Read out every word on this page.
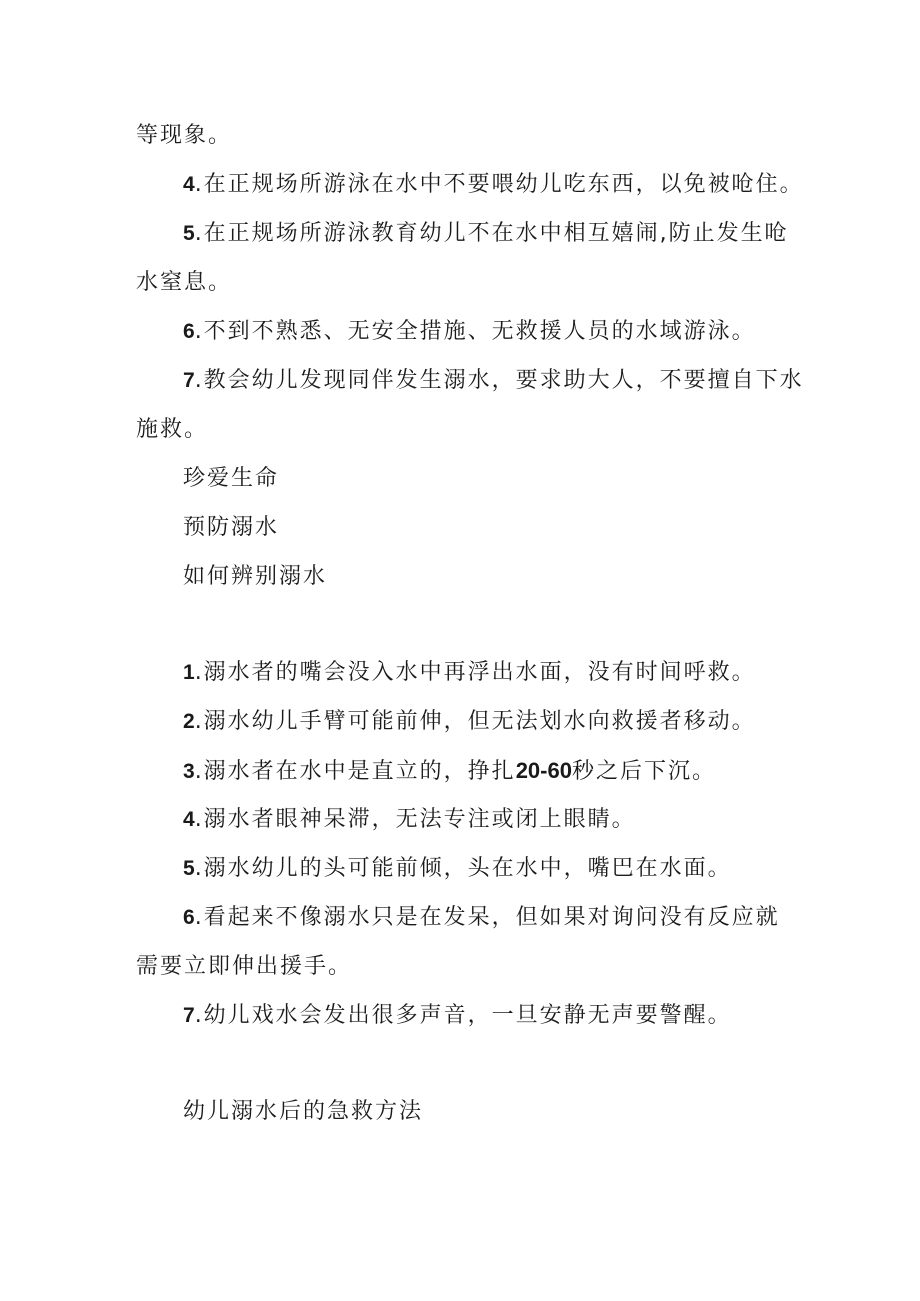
等现象。
4.在正规场所游泳在水中不要喂幼儿吃东西，以免被呛住。
5.在正规场所游泳教育幼儿不在水中相互嬉闹,防止发生呛
水窒息。
6.不到不熟悉、无安全措施、无救援人员的水域游泳。
7.教会幼儿发现同伴发生溺水，要求助大人，不要擅自下水
施救。
珍爱生命
预防溺水
如何辨别溺水
1.溺水者的嘴会没入水中再浮出水面，没有时间呼救。
2.溺水幼儿手臂可能前伸，但无法划水向救援者移动。
3.溺水者在水中是直立的，挣扎20-60秒之后下沉。
4.溺水者眼神呆滞，无法专注或闭上眼睛。
5.溺水幼儿的头可能前倾，头在水中，嘴巴在水面。
6.看起来不像溺水只是在发呆，但如果对询问没有反应就
需要立即伸出援手。
7.幼儿戏水会发出很多声音，一旦安静无声要警醒。
幼儿溺水后的急救方法
